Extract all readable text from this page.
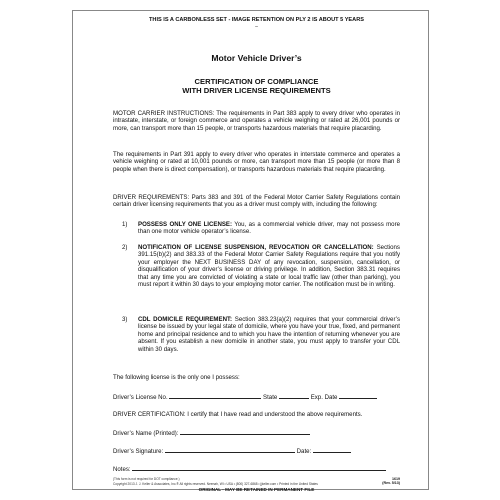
THIS IS A CARBONLESS SET - IMAGE RETENTION ON PLY 2 IS ABOUT 5 YEARS
–
Motor Vehicle Driver’s
CERTIFICATION OF COMPLIANCE
WITH DRIVER LICENSE REQUIREMENTS
MOTOR CARRIER INSTRUCTIONS: The requirements in Part 383 apply to every driver who operates in intrastate, interstate, or foreign commerce and operates a vehicle weighing or rated at 26,001 pounds or more, can transport more than 15 people, or transports hazardous materials that require placarding.
The requirements in Part 391 apply to every driver who operates in interstate commerce and operates a vehicle weighing or rated at 10,001 pounds or more, can transport more than 15 people (or more than 8 people when there is direct compensation), or transports hazardous materials that require placarding.
DRIVER REQUIREMENTS: Parts 383 and 391 of the Federal Motor Carrier Safety Regulations contain certain driver licensing requirements that you as a driver must comply with, including the following:
1) POSSESS ONLY ONE LICENSE: You, as a commercial vehicle driver, may not possess more than one motor vehicle operator’s license.
2) NOTIFICATION OF LICENSE SUSPENSION, REVOCATION OR CANCELLATION: Sections 391.15(b)(2) and 383.33 of the Federal Motor Carrier Safety Regulations require that you notify your employer the NEXT BUSINESS DAY of any revocation, suspension, cancellation, or disqualification of your driver’s license or driving privilege. In addition, Section 383.31 requires that any time you are convicted of violating a state or local traffic law (other than parking), you must report it within 30 days to your employing motor carrier. The notification must be in writing.
3) CDL DOMICILE REQUIREMENT: Section 383.23(a)(2) requires that your commercial driver’s license be issued by your legal state of domicile, where you have your true, fixed, and permanent home and principal residence and to which you have the intention of returning whenever you are absent. If you establish a new domicile in another state, you must apply to transfer your CDL within 30 days.
The following license is the only one I possess:
Driver’s License No.	State	Exp. Date
DRIVER CERTIFICATION: I certify that I have read and understood the above requirements.
Driver’s Name (Printed):
Driver’s Signature:	Date:
Notes:
(This form is not required for DOT compliance.)
Copyright 2013 J. J. Keller & Associates, Inc.® All rights reserved. Neenah, WI • USA • (800) 327-6868 • jjkeller.com • Printed in the United States
1619
(Rev. 5/13)
ORIGINAL - MAY BE RETAINED IN PERMANENT FILE
